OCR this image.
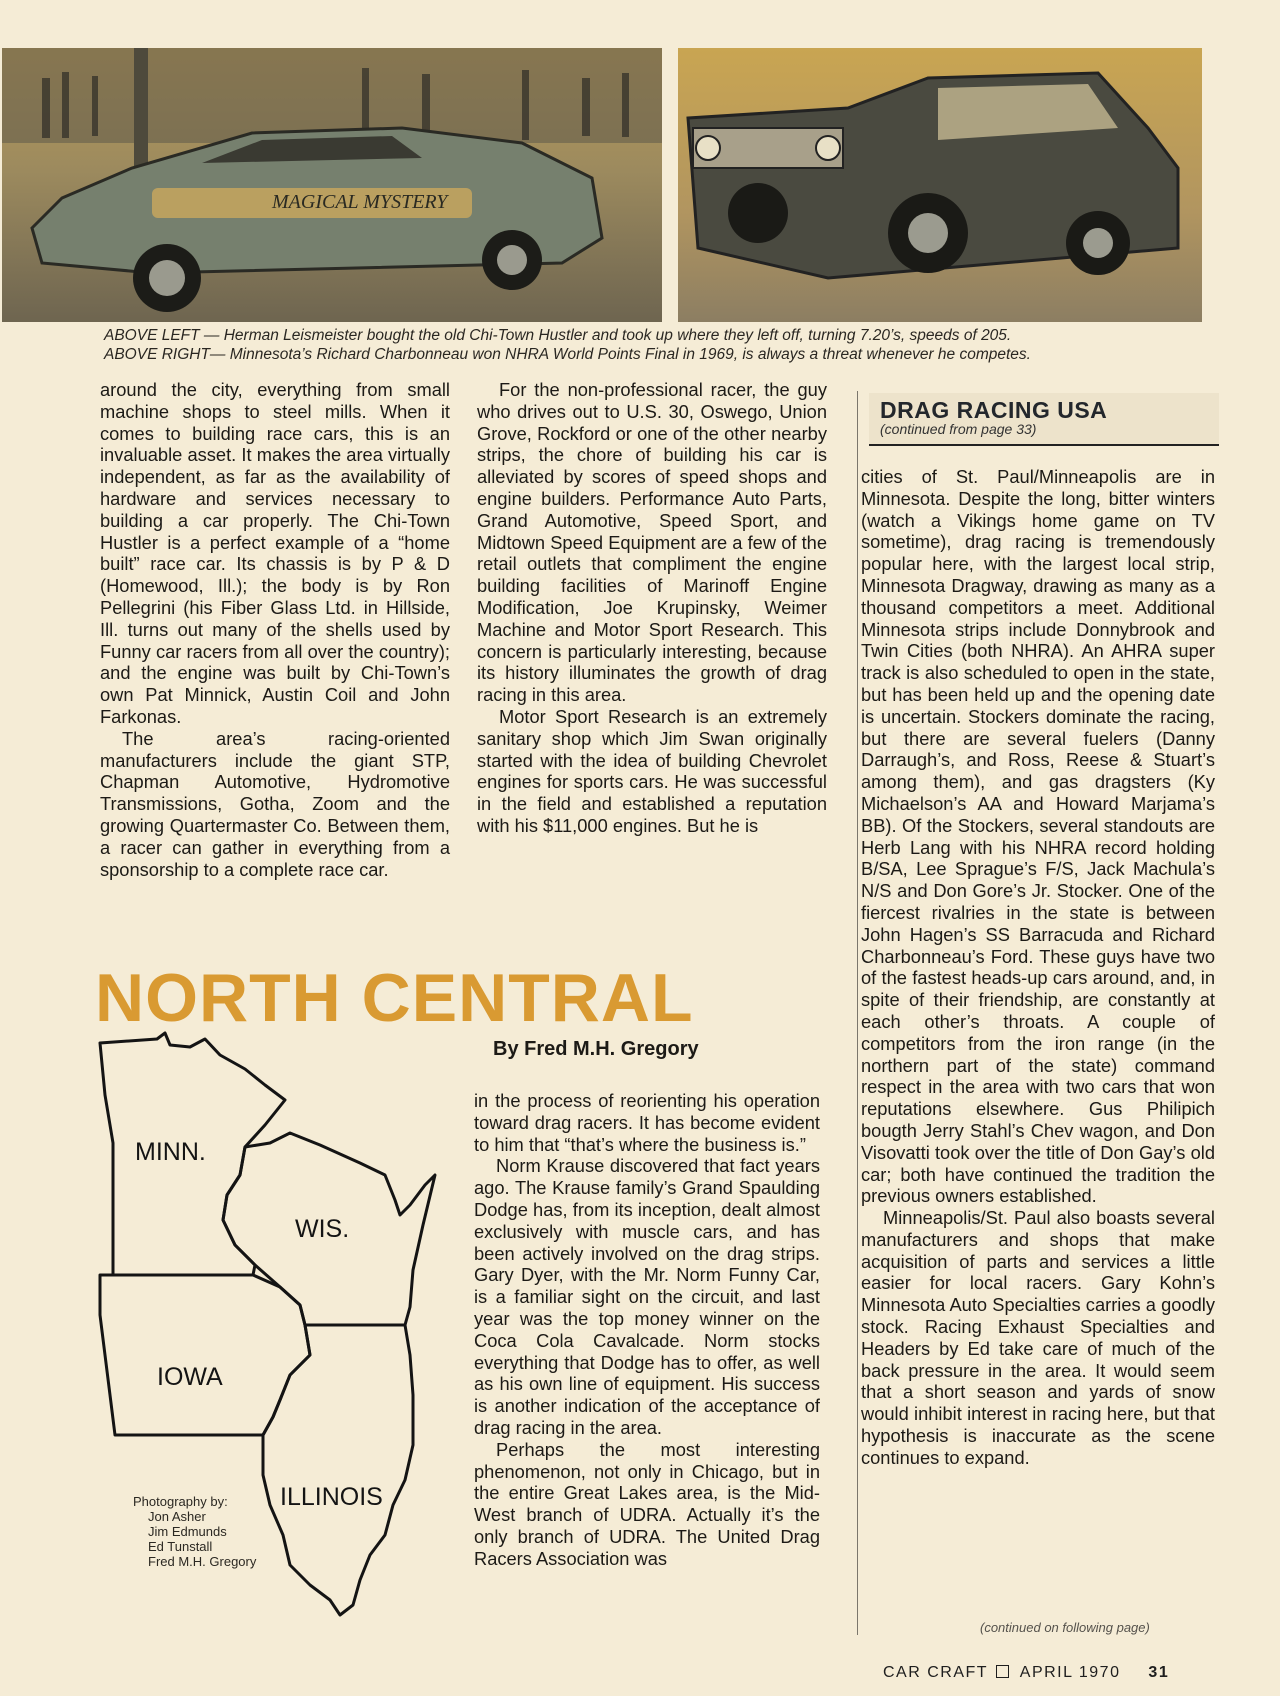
MAGICAL MYSTERY
ABOVE LEFT — Herman Leismeister bought the old Chi-Town Hustler and took up where they left off, turning 7.20’s, speeds of 205.
ABOVE RIGHT— Minnesota’s Richard Charbonneau won NHRA World Points Final in 1969, is always a threat whenever he competes.

around the city, everything from small machine shops to steel mills. When it comes to building race cars, this is an invaluable asset. It makes the area virtually independent, as far as the availability of hardware and services necessary to building a car properly. The Chi-Town Hustler is a perfect example of a “home built” race car. Its chassis is by P & D (Homewood, Ill.); the body is by Ron Pellegrini (his Fiber Glass Ltd. in Hillside, Ill. turns out many of the shells used by Funny car racers from all over the country); and the engine was built by Chi-Town’s own Pat Minnick, Austin Coil and John Farkonas.

The area’s racing-oriented manufacturers include the giant STP, Chapman Automotive, Hydromotive Transmissions, Gotha, Zoom and the growing Quartermaster Co. Between them, a racer can gather in everything from a sponsorship to a complete race car.

For the non-professional racer, the guy who drives out to U.S. 30, Oswego, Union Grove, Rockford or one of the other nearby strips, the chore of building his car is alleviated by scores of speed shops and engine builders. Performance Auto Parts, Grand Automotive, Speed Sport, and Midtown Speed Equipment are a few of the retail outlets that compliment the engine building facilities of Marinoff Engine Modification, Joe Krupinsky, Weimer Machine and Motor Sport Research. This concern is particularly interesting, because its history illuminates the growth of drag racing in this area.

Motor Sport Research is an extremely sanitary shop which Jim Swan originally started with the idea of building Chevrolet engines for sports cars. He was successful in the field and established a reputation with his $11,000 engines. But he is

NORTH CENTRAL
By Fred M.H. Gregory
MINN.
WIS.
IOWA
ILLINOIS
Photography by:
Jon Asher
Jim Edmunds
Ed Tunstall
Fred M.H. Gregory

in the process of reorienting his operation toward drag racers. It has become evident to him that “that’s where the business is.”

Norm Krause discovered that fact years ago. The Krause family’s Grand Spaulding Dodge has, from its inception, dealt almost exclusively with muscle cars, and has been actively involved on the drag strips. Gary Dyer, with the Mr. Norm Funny Car, is a familiar sight on the circuit, and last year was the top money winner on the Coca Cola Cavalcade. Norm stocks everything that Dodge has to offer, as well as his own line of equipment. His success is another indication of the acceptance of drag racing in the area.

Perhaps the most interesting phenomenon, not only in Chicago, but in the entire Great Lakes area, is the Mid-West branch of UDRA. Actually it’s the only branch of UDRA. The United Drag Racers Association was

DRAG RACING USA
(continued from page 33)

cities of St. Paul/Minneapolis are in Minnesota. Despite the long, bitter winters (watch a Vikings home game on TV sometime), drag racing is tremendously popular here, with the largest local strip, Minnesota Dragway, drawing as many as a thousand competitors a meet. Additional Minnesota strips include Donnybrook and Twin Cities (both NHRA). An AHRA super track is also scheduled to open in the state, but has been held up and the opening date is uncertain. Stockers dominate the racing, but there are several fuelers (Danny Darraugh’s, and Ross, Reese & Stuart’s among them), and gas dragsters (Ky Michaelson’s AA and Howard Marjama’s BB). Of the Stockers, several standouts are Herb Lang with his NHRA record holding B/SA, Lee Sprague’s F/S, Jack Machula’s N/S and Don Gore’s Jr. Stocker. One of the fiercest rivalries in the state is between John Hagen’s SS Barracuda and Richard Charbonneau’s Ford. These guys have two of the fastest heads-up cars around, and, in spite of their friendship, are constantly at each other’s throats. A couple of competitors from the iron range (in the northern part of the state) command respect in the area with two cars that won reputations elsewhere. Gus Philipich bougth Jerry Stahl’s Chev wagon, and Don Visovatti took over the title of Don Gay’s old car; both have continued the tradition the previous owners established.

Minneapolis/St. Paul also boasts several manufacturers and shops that make acquisition of parts and services a little easier for local racers. Gary Kohn’s Minnesota Auto Specialties carries a goodly stock. Racing Exhaust Specialties and Headers by Ed take care of much of the back pressure in the area. It would seem that a short season and yards of snow would inhibit interest in racing here, but that hypothesis is inaccurate as the scene continues to expand.

(continued on following page)
CAR CRAFT APRIL 1970 31
